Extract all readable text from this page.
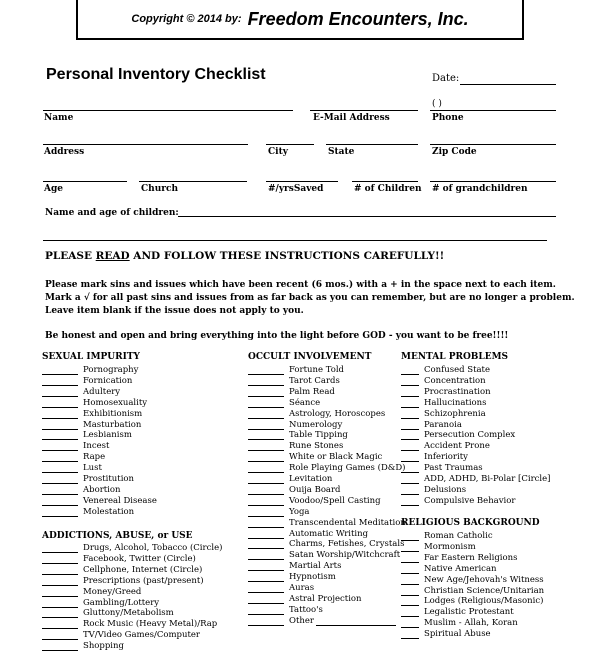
Copyright © 2014 by: Freedom Encounters, Inc.
Personal Inventory Checklist	Date:
( )
Name	E-Mail Address	Phone
Address	City	State	Zip Code
Age	Church	#/yrsSaved	# of Children # of grandchildren
Name and age of children:
PLEASE READ AND FOLLOW THESE INSTRUCTIONS CAREFULLY!!
Please mark sins and issues which have been recent (6 mos.) with a + in the space next to each item.
Mark a √ for all past sins and issues from as far back as you can remember, but are no longer a problem.
Leave item blank if the issue does not apply to you.
Be honest and open and bring everything into the light before GOD - you want to be free!!!!
SEXUAL IMPURITY
Pornography
Fornication
Adultery
Homosexuality
Exhibitionism
Masturbation
Lesbianism
Incest
Rape
Lust
Prostitution
Abortion
Venereal Disease
Molestation
ADDICTIONS, ABUSE, or USE
Drugs, Alcohol, Tobacco (Circle)
Facebook, Twitter (Circle)
Cellphone, Internet (Circle)
Prescriptions (past/present)
Money/Greed
Gambling/Lottery
Gluttony/Metabolism
Rock Music (Heavy Metal)/Rap
TV/Video Games/Computer
Shopping
OCCULT INVOLVEMENT
Fortune Told
Tarot Cards
Palm Read
Séance
Astrology, Horoscopes
Numerology
Table Tipping
Rune Stones
White or Black Magic
Role Playing Games (D&D)
Levitation
Ouija Board
Voodoo/Spell Casting
Yoga
Transcendental Meditation
Automatic Writing
Charms, Fetishes, Crystals
Satan Worship/Witchcraft
Martial Arts
Hypnotism
Auras
Astral Projection
Tattoo's
Other
MENTAL PROBLEMS
Confused State
Concentration
Procrastination
Hallucinations
Schizophrenia
Paranoia
Persecution Complex
Accident Prone
Inferiority
Past Traumas
ADD, ADHD, Bi-Polar [Circle]
Delusions
Compulsive Behavior
RELIGIOUS BACKGROUND
Roman Catholic
Mormonism
Far Eastern Religions
Native American
New Age/Jehovah's Witness
Christian Science/Unitarian
Lodges (Religious/Masonic)
Legalistic Protestant
Muslim - Allah, Koran
Spiritual Abuse
